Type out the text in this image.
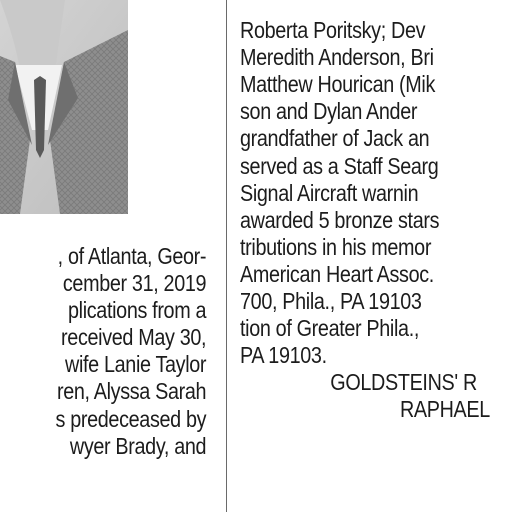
, of Atlanta, Geor-
cember 31, 2019
plications from a
received May 30,
wife Lanie Taylor
ren, Alyssa Sarah
s predeceased by
wyer Brady, and
Roberta Poritsky; Dev
Meredith Anderson, Bri
Matthew Hourican (Mik
son and Dylan Ander
grandfather of Jack an
served as a Staff Searg
Signal Aircraft warnin
awarded 5 bronze stars
tributions in his memor
American Heart Assoc.
700, Phila., PA 19103
tion of Greater Phila.,
PA 19103.
GOLDSTEINS' R
RAPHAEL
